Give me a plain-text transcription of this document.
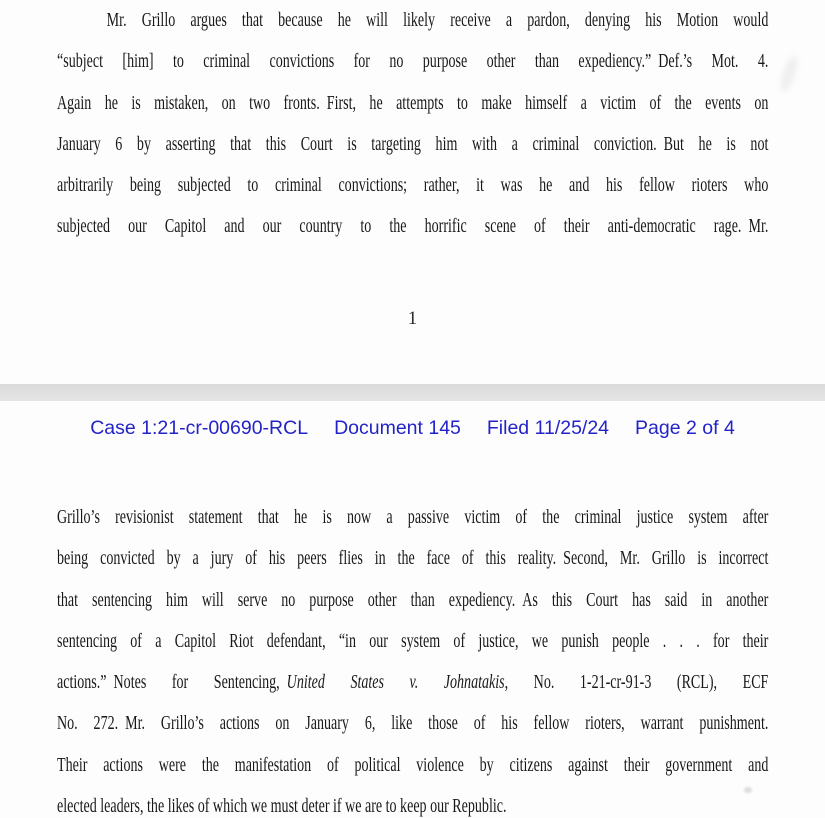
Mr. Grillo argues that because he will likely receive a pardon, denying his Motion would
“subject [him] to criminal convictions for no purpose other than expediency.” Def.’s Mot. 4.
Again he is mistaken, on two fronts. First, he attempts to make himself a victim of the events on
January 6 by asserting that this Court is targeting him with a criminal conviction. But he is not
arbitrarily being subjected to criminal convictions; rather, it was he and his fellow rioters who
subjected our Capitol and our country to the horrific scene of their anti-democratic rage. Mr.
1
Case 1:21-cr-00690-RCL Document 145 Filed 11/25/24 Page 2 of 4
Grillo’s revisionist statement that he is now a passive victim of the criminal justice system after
being convicted by a jury of his peers flies in the face of this reality. Second, Mr. Grillo is incorrect
that sentencing him will serve no purpose other than expediency. As this Court has said in another
sentencing of a Capitol Riot defendant, “in our system of justice, we punish people . . . for their
actions.” Notes for Sentencing, United States v. Johnatakis, No. 1-21-cr-91-3 (RCL), ECF
No. 272. Mr. Grillo’s actions on January 6, like those of his fellow rioters, warrant punishment.
Their actions were the manifestation of political violence by citizens against their government and
elected leaders, the likes of which we must deter if we are to keep our Republic.
